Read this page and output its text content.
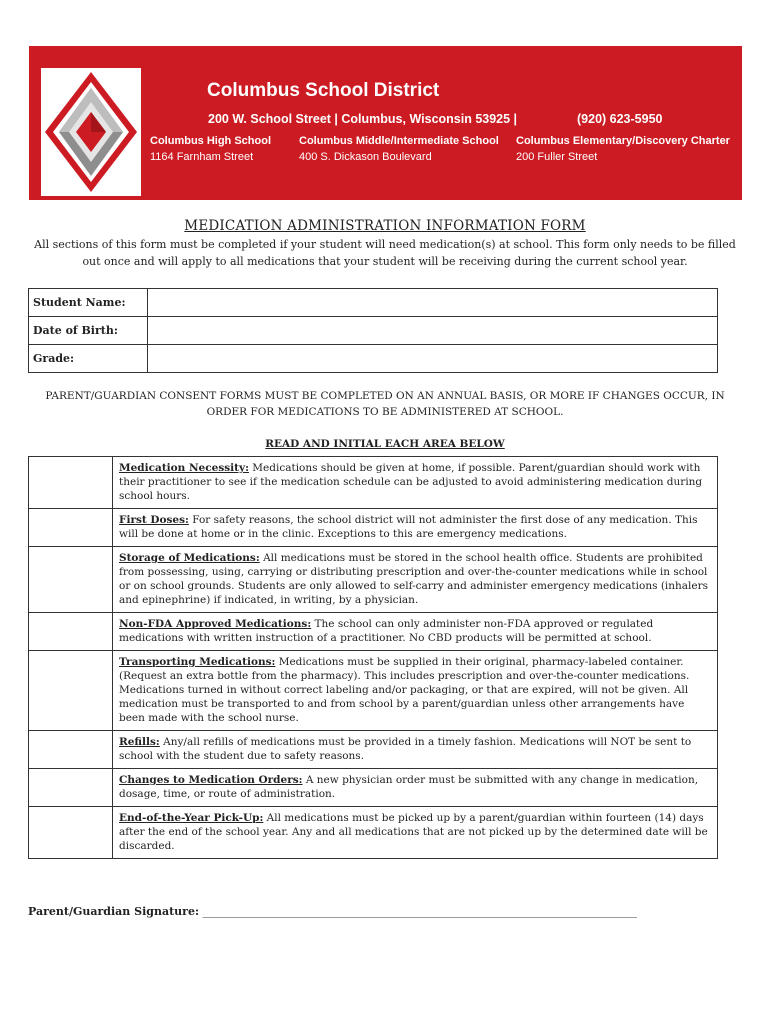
Columbus School District
200 W. School Street | Columbus, Wisconsin 53925 |	(920) 623-5950
Columbus High School
1164 Farnham Street
Columbus Middle/Intermediate School
400 S. Dickason Boulevard
Columbus Elementary/Discovery Charter
200 Fuller Street
MEDICATION ADMINISTRATION INFORMATION FORM
All sections of this form must be completed if your student will need medication(s) at school. This form only needs to be filled out once and will apply to all medications that your student will be receiving during the current school year.
Student Name:	
Date of Birth:	
Grade:	
PARENT/GUARDIAN CONSENT FORMS MUST BE COMPLETED ON AN ANNUAL BASIS, OR MORE IF CHANGES OCCUR, IN ORDER FOR MEDICATIONS TO BE ADMINISTERED AT SCHOOL.
READ AND INITIAL EACH AREA BELOW
	Medication Necessity: Medications should be given at home, if possible. Parent/guardian should work with their practitioner to see if the medication schedule can be adjusted to avoid administering medication during school hours.
	First Doses: For safety reasons, the school district will not administer the first dose of any medication. This will be done at home or in the clinic. Exceptions to this are emergency medications.
	Storage of Medications: All medications must be stored in the school health office. Students are prohibited from possessing, using, carrying or distributing prescription and over-the-counter medications while in school or on school grounds. Students are only allowed to self-carry and administer emergency medications (inhalers and epinephrine) if indicated, in writing, by a physician.
	Non-FDA Approved Medications: The school can only administer non-FDA approved or regulated medications with written instruction of a practitioner. No CBD products will be permitted at school.
	Transporting Medications: Medications must be supplied in their original, pharmacy-labeled container. (Request an extra bottle from the pharmacy). This includes prescription and over-the-counter medications. Medications turned in without correct labeling and/or packaging, or that are expired, will not be given. All medication must be transported to and from school by a parent/guardian unless other arrangements have been made with the school nurse.
	Refills: Any/all refills of medications must be provided in a timely fashion. Medications will NOT be sent to school with the student due to safety reasons.
	Changes to Medication Orders: A new physician order must be submitted with any change in medication, dosage, time, or route of administration.
	End-of-the-Year Pick-Up: All medications must be picked up by a parent/guardian within fourteen (14) days after the end of the school year. Any and all medications that are not picked up by the determined date will be discarded.
Parent/Guardian Signature: _______________________________________________________________________________
